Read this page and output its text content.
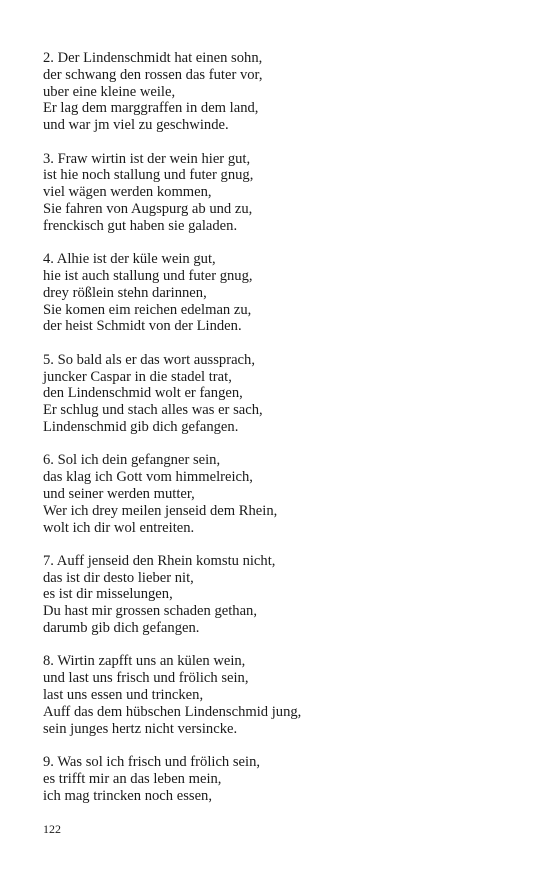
2. Der Lindenschmidt hat einen sohn,
der schwang den rossen das futer vor,
uber eine kleine weile,
Er lag dem marggraffen in dem land,
und war jm viel zu geschwinde.
3. Fraw wirtin ist der wein hier gut,
ist hie noch stallung und futer gnug,
viel wägen werden kommen,
Sie fahren von Augspurg ab und zu,
frenckisch gut haben sie galaden.
4. Alhie ist der küle wein gut,
hie ist auch stallung und futer gnug,
drey rößlein stehn darinnen,
Sie komen eim reichen edelman zu,
der heist Schmidt von der Linden.
5. So bald als er das wort aussprach,
juncker Caspar in die stadel trat,
den Lindenschmid wolt er fangen,
Er schlug und stach alles was er sach,
Lindenschmid gib dich gefangen.
6. Sol ich dein gefangner sein,
das klag ich Gott vom himmelreich,
und seiner werden mutter,
Wer ich drey meilen jenseid dem Rhein,
wolt ich dir wol entreiten.
7. Auff jenseid den Rhein komstu nicht,
das ist dir desto lieber nit,
es ist dir misselungen,
Du hast mir grossen schaden gethan,
darumb gib dich gefangen.
8. Wirtin zapfft uns an külen wein,
und last uns frisch und frölich sein,
last uns essen und trincken,
Auff das dem hübschen Lindenschmid jung,
sein junges hertz nicht versincke.
9. Was sol ich frisch und frölich sein,
es trifft mir an das leben mein,
ich mag trincken noch essen,
122
